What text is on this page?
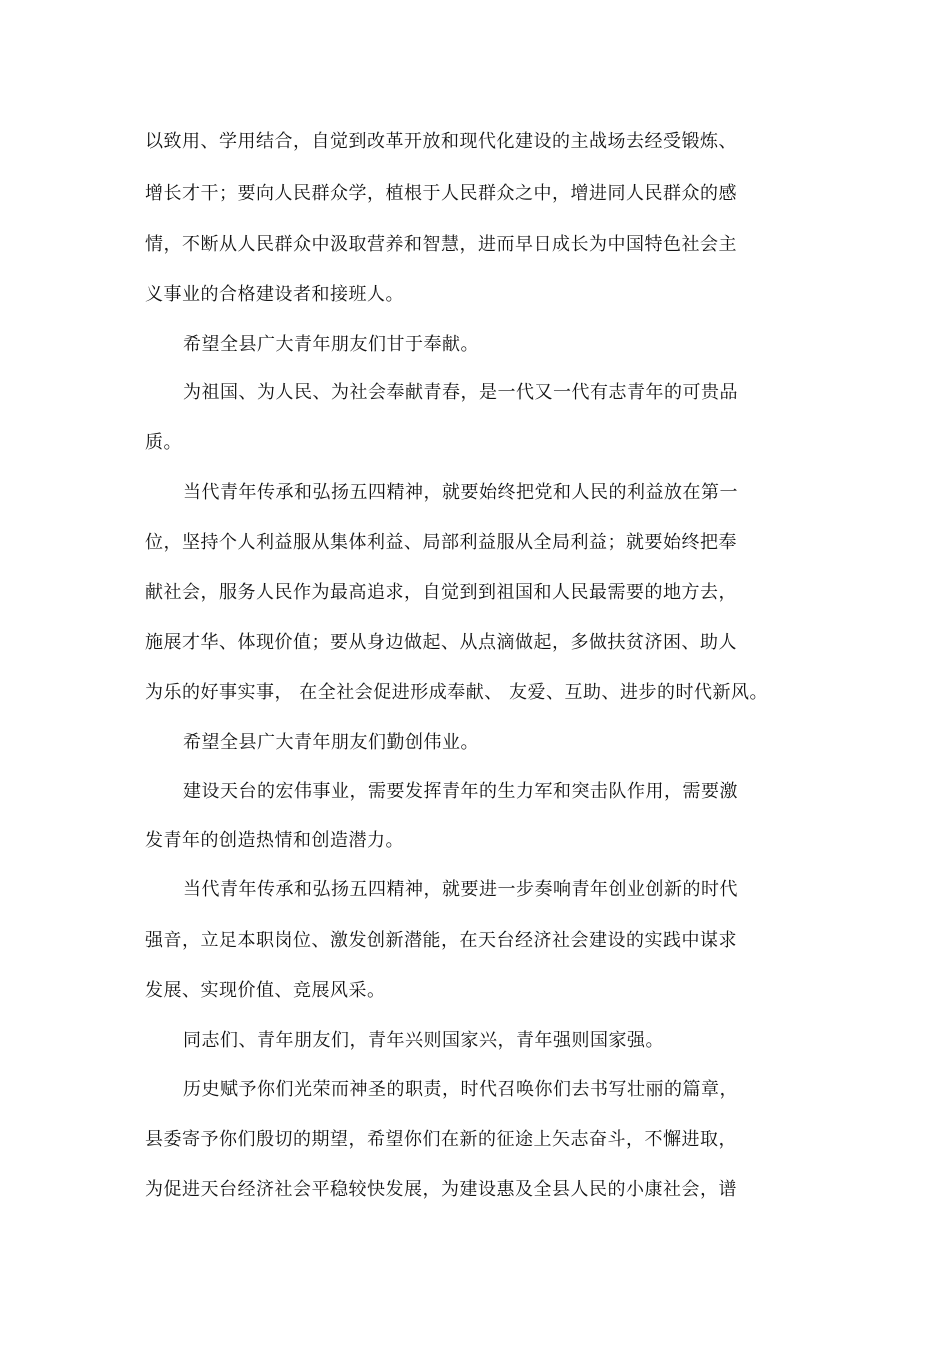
以致用、学用结合，自觉到改革开放和现代化建设的主战场去经受锻炼、
增长才干；要向人民群众学，植根于人民群众之中，增进同人民群众的感
情，不断从人民群众中汲取营养和智慧，进而早日成长为中国特色社会主
义事业的合格建设者和接班人。
希望全县广大青年朋友们甘于奉献。
为祖国、为人民、为社会奉献青春，是一代又一代有志青年的可贵品
质。
当代青年传承和弘扬五四精神，就要始终把党和人民的利益放在第一
位，坚持个人利益服从集体利益、局部利益服从全局利益；就要始终把奉
献社会，服务人民作为最高追求，自觉到到祖国和人民最需要的地方去，
施展才华、体现价值；要从身边做起、从点滴做起，多做扶贫济困、助人
为乐的好事实事， 在全社会促进形成奉献、 友爱、互助、进步的时代新风。
希望全县广大青年朋友们勤创伟业。
建设天台的宏伟事业，需要发挥青年的生力军和突击队作用，需要激
发青年的创造热情和创造潜力。
当代青年传承和弘扬五四精神，就要进一步奏响青年创业创新的时代
强音，立足本职岗位、激发创新潜能，在天台经济社会建设的实践中谋求
发展、实现价值、竞展风采。
同志们、青年朋友们，青年兴则国家兴，青年强则国家强。
历史赋予你们光荣而神圣的职责，时代召唤你们去书写壮丽的篇章，
县委寄予你们殷切的期望，希望你们在新的征途上矢志奋斗，不懈进取，
为促进天台经济社会平稳较快发展，为建设惠及全县人民的小康社会，谱
